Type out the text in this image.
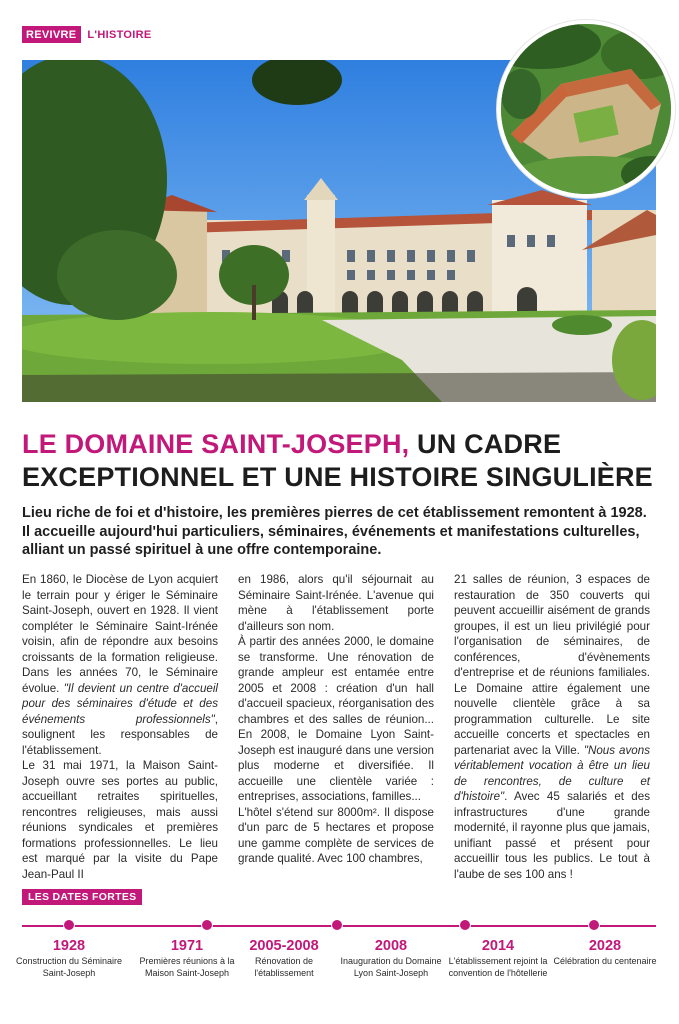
REVIVRE	L'HISTOIRE
LE DOMAINE SAINT-JOSEPH, UN CADRE
EXCEPTIONNEL ET UNE HISTOIRE SINGULIÈRE

Lieu riche de foi et d'histoire, les premières pierres de cet établissement remontent à 1928. Il accueille aujourd'hui particuliers, séminaires, événements et manifestations culturelles, alliant un passé spirituel à une offre contemporaine.

En 1860, le Diocèse de Lyon acquiert le terrain pour y ériger le Séminaire Saint-Joseph, ouvert en 1928. Il vient compléter le Séminaire Saint-Irénée voisin, afin de répondre aux besoins croissants de la formation religieuse. Dans les années 70, le Séminaire évolue. "Il devient un centre d'accueil pour des séminaires d'étude et des événements professionnels", soulignent les responsables de l'établissement.

Le 31 mai 1971, la Maison Saint-Joseph ouvre ses portes au public, accueillant retraites spirituelles, rencontres religieuses, mais aussi réunions syndicales et premières formations professionnelles. Le lieu est marqué par la visite du Pape Jean-Paul II

en 1986, alors qu'il séjournait au Séminaire Saint-Irénée. L'avenue qui mène à l'établissement porte d'ailleurs son nom.

À partir des années 2000, le domaine se transforme. Une rénovation de grande ampleur est entamée entre 2005 et 2008 : création d'un hall d'accueil spacieux, réorganisation des chambres et des salles de réunion... En 2008, le Domaine Lyon Saint-Joseph est inauguré dans une version plus moderne et diversifiée. Il accueille une clientèle variée : entreprises, associations, familles...

L'hôtel s'étend sur 8000m². Il dispose d'un parc de 5 hectares et propose une gamme complète de services de grande qualité. Avec 100 chambres,

21 salles de réunion, 3 espaces de restauration de 350 couverts qui peuvent accueillir aisément de grands groupes, il est un lieu privilégié pour l'organisation de séminaires, de conférences, d'évènements d'entreprise et de réunions familiales. Le Domaine attire également une nouvelle clientèle grâce à sa programmation culturelle. Le site accueille concerts et spectacles en partenariat avec la Ville. "Nous avons véritablement vocation à être un lieu de rencontres, de culture et d'histoire". Avec 45 salariés et des infrastructures d'une grande modernité, il rayonne plus que jamais, unifiant passé et présent pour accueillir tous les publics. Le tout à l'aube de ses 100 ans !

LES DATES FORTES
1928
Construction du Séminaire Saint-Joseph
1971
Premières réunions à la Maison Saint-Joseph
2005-2008
Rénovation de l'établissement
2008
Inauguration du Domaine Lyon Saint-Joseph
2014
L'établissement rejoint la convention de l'hôtellerie
2028
Célébration du centenaire
